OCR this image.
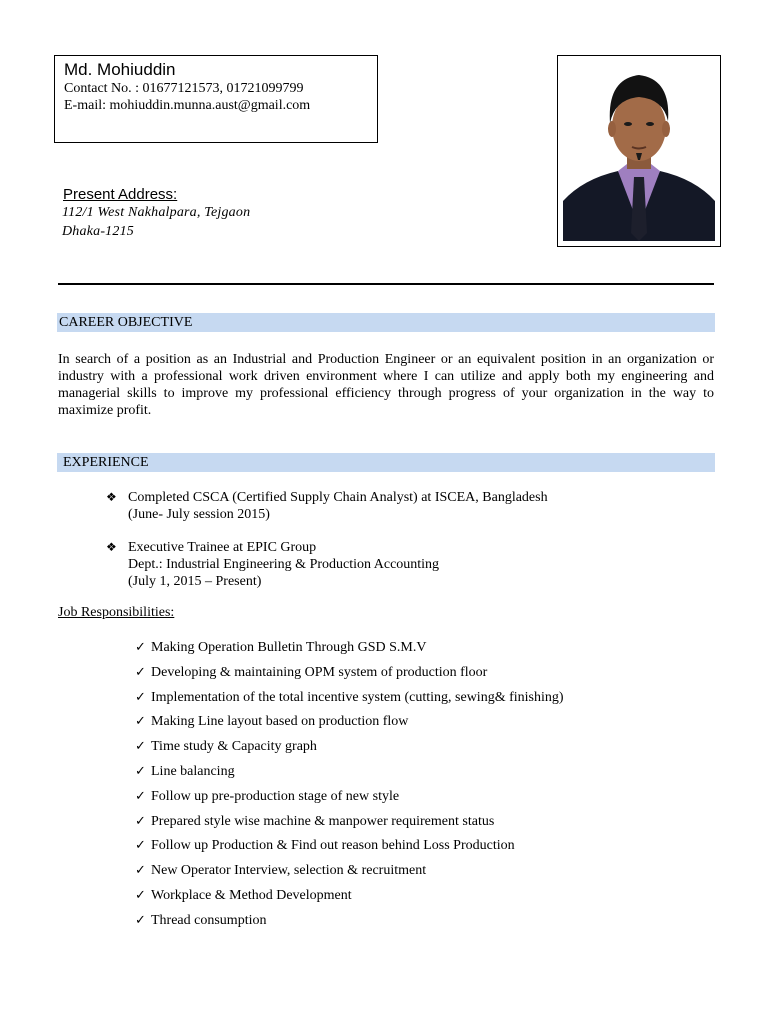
Md. Mohiuddin
Contact No. : 01677121573, 01721099799
E-mail: mohiuddin.munna.aust@gmail.com
Present Address:
112/1 West Nakhalpara, Tejgaon
Dhaka-1215
CAREER OBJECTIVE

In search of a position as an Industrial and Production Engineer or an equivalent position in an organization or industry with a professional work driven environment where I can utilize and apply both my engineering and managerial skills to improve my professional efficiency through progress of your organization in the way to maximize profit.

EXPERIENCE
❖ Completed CSCA (Certified Supply Chain Analyst) at ISCEA, Bangladesh
(June- July session 2015)
❖ Executive Trainee at EPIC Group
Dept.: Industrial Engineering & Production Accounting
(July 1, 2015 – Present)
Job Responsibilities:
✓ Making Operation Bulletin Through GSD S.M.V
✓ Developing & maintaining OPM system of production floor
✓ Implementation of the total incentive system (cutting, sewing& finishing)
✓ Making Line layout based on production flow
✓ Time study & Capacity graph
✓ Line balancing
✓ Follow up pre-production stage of new style
✓ Prepared style wise machine & manpower requirement status
✓ Follow up Production & Find out reason behind Loss Production
✓ New Operator Interview, selection & recruitment
✓ Workplace & Method Development
✓ Thread consumption
